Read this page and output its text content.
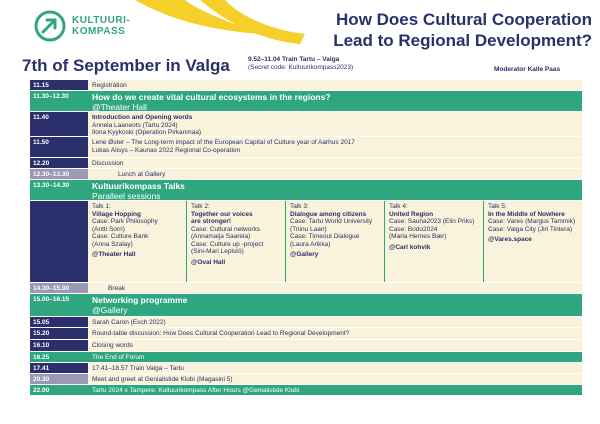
KULTUURI-
KOMPASS
How Does Cultural Cooperation
Lead to Regional Development?
7th of September in Valga	9.52–11.04 Train Tartu – Valga
(Secret code: Kultuurikompass2023)	Moderator Kalle Paas
11.15	Registration
11.30–12.30	How do we create vital cultural ecosystems in the regions?
@Theater Hall
11.40	Introduction and Opening words
Annela Laaneots (Tartu 2024)
Ilona Kyykoski (Operation Pirkanmaa)
11.50	Lene Øster – The Long-term impact of the European Capital of Culture year of Aarhus 2017
Lukas Alisys – Kaunas 2022 Regional Co-operation
12.20	Discussion
12.30–13.30	Lunch at Gallery
13.30–14.30	Kultuurikompass Talks
Paralleel sessions
Talk 1:
Village Hopping
Case: Park Philosophy
(Antti Sorri)
Case: Culture Bank
(Anna Szalay)
@Theater Hall
Talk 2:
Together our voices
are stronger!
Case: Cultural networks
(Annamaija Saarela)
Case: Culture up -project
(Sini-Mari Lepistö)
@Oval Hall
Talk 3:
Dialogue among citizens
Case: Tartu World University
(Triinu Laan)
Case: Timeout Dialogue
(Laura Arikka)
@Gallery
Talk 4:
United Region
Case: Sauna2023 (Elin Priks)
Case: Bodo2024
(Maria Hernes Bær)
@Carl kohvik
Talk 5:
In the Middle of Nowhere
Case: Vares (Margus Tammik)
Case: Valga City (Jiri Tintera)
@Vares.space
14.30–15.00	Break
15.00–16.15	Networking programme
@Gallery
15.05	Sarah Caron (Esch 2022)
15.20	Round-table discussion: How Does Cultural Cooperation Lead to Regional Development?
16.10	Closing words
16.25	The End of Forum
17.41	17.41–18.57 Train Valga – Tartu
20.30	Meet and greet at Genialistide Klubi (Magasini 5)
22.00	Tartu 2024 x Tampere: Kultuurikompass After Hours @Genialistide Klubi
